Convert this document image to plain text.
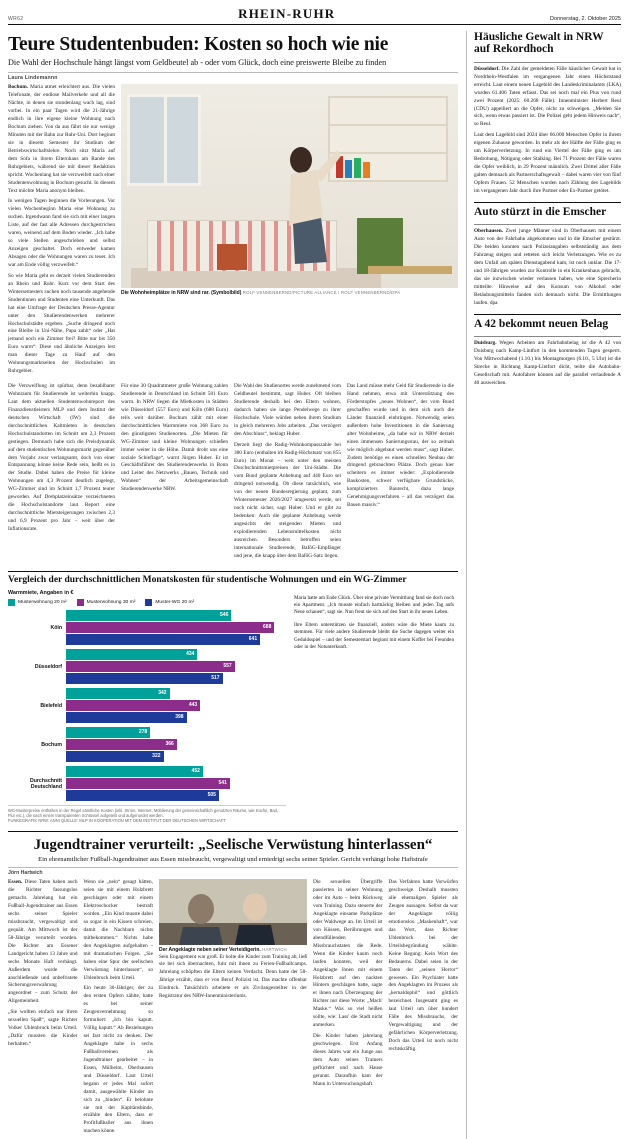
WR62	RHEIN-RUHR	Donnerstag, 2. Oktober 2025
Teure Studentenbuden: Kosten so hoch wie nie
Die Wahl der Hochschule hängt längst vom Geldbeutel ab - oder vom Glück, doch eine preiswerte Bleibe zu finden
Laura Lindemannn

Bochum. Maria atmet erleichtert aus. Die vielen Telefonate, der endlose Mailverkehr und all die Nächte, in denen sie stundenlang wach lag, sind vorbei. In ein paar Tagen wird die 21-Jährige endlich in ihre eigene kleine Wohnung nach Bochum ziehen. Von da aus fährt sie nur wenige Minuten mit der Bahn zur Ruhr-Uni. Dort beginnt sie in diesem Semester ihr Studium der Betriebswirtschaftslehre. Noch sitzt Maria auf dem Sofa in ihrem Elternhaus am Rande des Ruhrgebiets, während sie mit dieser Redaktion spricht. Wochenlang hat sie verzweifelt nach einer Studentenwohnung in Bochum gesucht. In diesem Text möchte Maria anonym bleiben.

In wenigen Tagen beginnen die Vorlesungen. Vor vielen Wochenbeginn Maria eine Wohnung zu suchen. Irgendwann fand sie sich mit einer langen Liste, auf der fast alle Adressen durchgestrichen waren, weinend auf dem Boden wieder. „Ich habe so viele Stellen angeschrieben und selbst Anzeigen geschaltet. Doch entweder kamen Absagen oder die Wohnungen waren zu teuer. Ich war am Ende völlig verzweifelt.“

So wie Maria geht es derzeit vielen Studierenden an Rhein und Ruhr. Kurz vor dem Start des Wintersemesters suchen noch tausende angehende Studentinnen und Studenten eine Unterkunft. Das hat eine Umfrage der Deutschen Presse-Agentur unter den Studierendenwerken mehrerer Hochschulstädte ergeben. „Suche dringend noch eine Bleibe in Uni-Nähe, Papa zahlt“ oder „Hat jemand noch ein Zimmer frei? Bitte nur bis 350 Euro warm“: Diese und ähnliche Anzeigen lest man dieser Tage zu Hauf auf den Wohnungsmarktseiten der Hochschulen im Ruhrgebiet.

Die Wohnheimplätze in NRW sind rar. (Symbolbild) ROLF VENNENBERND/PICTURE ALLIANCE / ROLF VENNENBERND/DPA

Die Verzweiflung ist spürbar, denn bezahlbarer Wohnraum für Studierende ist weiterhin knapp. Laut dem aktuellen Studentenwohnreport des Finanzdienstleisters MLP und dem Institut der deutschen Wirtschaft (IW) sind die durchschnittlichen Kaltmieten in deutschen Hochschulstandorten im Schnitt um 2,3 Prozent gestiegen. Demnach habe sich die Preisdynamik auf dem studentischen Wohnungsmarkt gegenüber dem Vorjahr zwar verlangsamt, doch von einer Entspannung könne keine Rede sein, heißt es in der Studie. Dabei haben die Preise für kleine Wohnungen um 4,3 Prozent deutlich zugelegt, WG-Zimmer sind im Schnitt 1,7 Prozent teurer geworden. Auf Drehplatzeinsätze verzeichneten die Hochschulstandorte laut Report eine durchschnittliche Mietsteigerungen zwischen 2,3 und 6,9 Prozent pro Jahr – weit über der Inflationsrate.

Für eine 30 Quadratmeter große Wohnung zahlen Studierende in Deutschland im Schnitt 581 Euro warm. In NRW liegen die Mietkosten in Städten wie Düsseldorf (557 Euro) und Köln (688 Euro) teils weit darüber. Bochum zählt mit einer durchschnittlichen Warmmiete von 368 Euro zu den günstigsten Studienorten. „Die Mieten für WG-Zimmer und kleine Wohnungen schießen immer weiter in die Höhe. Damit droht uns eine soziale Schieflage“, warnt Jürgen Huber. Er ist Geschäftsführer des Studierendenwerks in Bonn und Leiter des Netzwerks „Bauen, Technik und Wohnen“ der Arbeitsgemeinschaft Studierendenwerke NRW.

Die Wahl des Studienortes werde zunehmend vom Geldbeutel bestimmt, sagt Huber. Oft bleiben Studierende deshalb bei den Eltern wohnen, dadurch haben sie lange Pendelwege zu ihrer Hochschule. Viele würden neben ihrem Studium in gleich mehreren Jobs arbeiten. „Das verzögert den Abschluss“, beklagt Huber.

Derzeit liegt die Radig-Wohnkompasszahle bei 380 Euro (enthalten im Radig-Höchstsatz von 855 Euro) im Monat – weit unter den meisten Durchschnittsmietpreisen der Uni-Städte. Die vom Bund geplante Anhebung auf 440 Euro sei dringend notwendig. Ob diese tatsächlich, wie von der neuen Bundesregierung geplant, zum Wintersemester 2026/2027 umgesetzt werde, sei noch nicht sicher, sagt Huber. Und er gibt zu bedenken: Auch die geplante Anhebung werde angesichts der steigenden Mieten und explodierenden Lebensmittelkosten nicht ausreichen. Besonders betroffen seien internationale Studierende, BaföG-Empfänger und jene, die knapp über dem BaföG-Satz liegen.

Das Land müsse mehr Geld für Studierende in die Hand nehmen, etwa mit Unterstützung des Förderstopfes „neues Wohnen“, der vom Bund geschaffen wurde und in dem sich auch die Länder finanziell einbringen. Notwendig seien außerdem hohe Investitionen in die Sanierung alter Wohnheime, „da habe wir in NRW derzeit einen immensen Sanierungsstau, der so zeitnah wie möglich abgebaut werden muss“, sagt Huber. Zudem benötige es einen schnellen Neubau der dringend gebrauchten Plätze. Doch genau hier scheitern es immer wieder: „Explodierende Baukosten, schwer verfügbare Grundstücke, komplizierters Baurecht, dazu lange Genehmigungsverfahren – all das verzögert das Bauen massiv.“

Vergleich der durchschnittlichen Monatskosten für studentische Wohnungen und ein WG-Zimmer
Warmmiete, Angaben in €
Musterwohnung 20 m²	Musterwohnung 30 m²	Muster-WG 20 m²
Köln
546
688
641
Düsseldorf
434
557
517
Bielefeld
342
443
398
Bochum
278
366
322
Durchschnitt Deutschland
452
541
505
WG-Musterpreise enthalten in der Regel sämtliche Kosten (inkl. Strom, Internet, Möblierung der gemeinschaftlich genutzten Räume, wie Küche, Bad, Flur etc.), die nach einem transparenten Schlüssel aufgeteilt und aufgerundet werden.
FUNKEGRAFIK NRW: ANNI QUELLE: MLP IN KOOPERATION MIT DEM INSTITUT DER DEUTSCHEN WIRTSCHAFT

Maria hatte am Ende Glück. Über eine private Vermittlung fand sie doch noch ein Apartment. „Ich musste einfach hartnäckig bleiben und jeden Tag aufs Neue schauen“, sagt sie. Nun freut sie sich auf den Start in ihr neues Leben.

Ihre Eltern unterstützen sie finanziell, anders wäre die Miete kaum zu stemmen. Für viele andere Studierende bleibt die Suche dagegen weiter ein Geduldsspiel – und der Semesterstart beginnt mit einem Koffer bei Freunden oder in der Notunterkunft.

Jugendtrainer verurteilt: „Seelische Verwüstung hinterlassen“
Ein ehrenamtlicher Fußball-Jugendtrainer aus Essen missbraucht, vergewaltigt und erniedrigt sechs seiner Spieler. Gericht verhängt hohe Haftstrafe
Jörn Hartwich

Essen. Diese Taten haben auch die Richter fassungslos gemacht. Jahrelang hat ein Fußball-Jugendtrainer aus Essen sechs seiner Spieler missbraucht, vergewaltigt und gequält. Am Mittwoch ist der 58-Jährige verurteilt worden. Die Richter am Essener Landgericht haben 13 Jahre und sechs Monate Haft verhängt. Außerdem wurde die anschließende und unbefristete Sicherungsverwahrung angeordnet – zum Schutz der Allgemeinheit.

„Sie wollten einfach nur ihren sexuellen Spaß“, sagte Richter Volker Uhlenbruck beim Urteil. „Dafür mussten die Kinder herhalten.“

Wenn sie „nein“ gesagt hätten, seien sie mit einem Holzbrett geschlagen oder mit einem Elektroschocker bestraft worden. „Ein Kind musste dabei so sogar in ein Kissen schreien, damit die Nachbarn nichts mitbekommen.“ Nichts habe den Angeklagten aufgehalten – mit dramatischen Folgen. „Sie haben eine Spur der seelischen Verwüstung hinterlassen“, so Uhlenbruck beim Urteil.

Ein heute 30-Jähriger, der zu den ersten Opfern zählte, hatte es bei seiner Zeugenvernehmung so formuliert: „Ich bin kaputt. Völlig kaputt.“ Ab Beziehungen sei fast nicht zu denken. Der Angeklagte habe in sechs Fußballvereinen als Jugendtrainer gearbeitet – in Essen, Mülheim, Oberhausen und Düsseldorf. Laut Urteil begann er jedes Mal sofort damit, ausgewählte Kinder an sich zu „binden“. Er belohnte sie mit der Kapitänsbinde, erzählte den Eltern, dass er Profitfußballer aus ihnen machen könne.

Der Angeklagte neben seiner Verteidigerin. HARTWICH

Sein Engagement war groß. Er holte die Kinder zum Training ab, ließ sie bei sich übernachten, fuhr mit ihnen zu Ferien-Fußballcamps. Jahrelang schöpften die Eltern keinen Verdacht. Denn hatte der 58-Jährige erzählt, dass er von Beruf Polizist ist. Das machte offenbar Eindruck. Tatsächlich arbeitete er als Zivilangestellter in der Registratur des NRW-Innenministeriums.

Die sexuellen Übergriffe passierten in seiner Wohnung oder im Auto – beim Rückweg vom Training. Dazu steuerte der Angeklagte einsame Parkplätze oder Waldwege an. Im Urteil ist von Küssen, Berührungen und abendfüllenden Missbrauchstaten die Rede. Wenn die Kinder kaum noch laufen konnten, weil der Angeklagte ihnen mit einem Holzbrett auf den nackten Hintern geschlagen hatte, sagte er ihnen nach Überzeugung der Richter nur diese Worte: „Mach' Maske.“ Was so viel heißen sollte, wie: Lass' die Stadt nicht anmerken.

Die Kinder haben jahrelang geschwiegen. Erst Anfang dieses Jahres war ein Junge aus dem Auto seines Trainers geflüchtet und nach Hause gerannt. Daraufhin kam der Mann in Untersuchungshaft.

Das Verfahren hatte Vorwürfen geschweige. Deshalb mussten alle ehemaligen Spieler als Zeugen aussagen. Selbst da war der Angeklagte völlig emotionslos. „Maskenhaft“, war das Wort, dass Richter Uhlenbruck bei der Urteilsbegründung wählte. Keine Regung: Kein Wort des Bedauerns. Dabei seien in der Taten der „seinen Horror“ gewesen. Ein Psychiater hatte den Angeklagten im Prozess als „kernaldophil“ und göttlich bezeichnet. Insgesamt ging es laut Urteil um über hundert Fälle des Missbrauchs, der Vergewaltigung und der gefährlichen Körperverletzung. Doch das Urteil ist noch nicht rechtskräftig.

Häusliche Gewalt in NRW auf Rekordhoch

Düsseldorf. Die Zahl der gemeldeten Fälle häuslicher Gewalt hat in Nordrhein-Westfalen im vergangenen Jahr einen Höchststand erreicht. Laut einem neuen Lagebild des Landeskriminalamts (LKA) wurden 61.406 Taten erfasst. Das sei noch mal ein Plus von rund zwei Prozent (2025: 60.268 Fälle). Innenminister Herbert Reul (CDU) appelliert an die Opfer, nicht zu schweigen. „Melden Sie sich, wenn etwas passiert ist. Die Polizei geht jedem Hinweis nach“, so Reul.

Laut dem Lagebild sind 2024 über 66.000 Menschen Opfer in ihrem eigenen Zuhause geworden. In mehr als der Hälfte der Fälle ging es um Körperverletzung. In rund ein Viertel der Fälle ging es um Bedrohung, Nötigung oder Stalking. Bei 71 Prozent der Fälle waren die Opfer weiblich, in 29 Prozent männlich. Zwei Drittel aller Fälle galten demnach als Partnerschaftsgewalt – dabei waren vier von fünf Opfern Frauen. 52 Menschen wurden nach Zählung des Lagebilds im vergangenen Jahr durch ihre Partner oder Ex-Partner getötet.

Auto stürzt in die Emscher

Oberhausen. Zwei junge Männer sind in Oberhausen mit einem Auto von der Fahrbahn abgekommen und in die Emscher gestürzt. Die beiden konnten nach Polizeiangaben selbstständig aus dem Fahrzeug steigen und retteten sich leicht Verletzungen. Wie es zu dem Unfall am späten Dienstagabend kam, ist noch unklar. Die 17- und 18-Jährigen wurden zur Kontrolle in ein Krankenhaus gebracht, das sie inzwischen wieder verlassen haben, wie eine Sprecherin mitteilte. Hinweise auf den Konsum von Alkohol oder Betäubungsmitteln fanden sich demnach nicht. Die Ermittlungen laufen. dpa

A 42 bekommt neuen Belag

Duisburg. Wegen Arbeiten am Fahrbahnbelag ist die A 42 von Duisburg nach Kamp-Lintfort in den kommenden Tagen gesperrt. Von Mittwochabend (1.10.) bis Montagmorgen (6.10., 5 Uhr) ist die Strecke in Richtung Kamp-Lintfort dicht, teilte die Autobahn-Gesellschaft mit. Autofahrer können auf die parallel verlaufende A 40 ausweichen.
